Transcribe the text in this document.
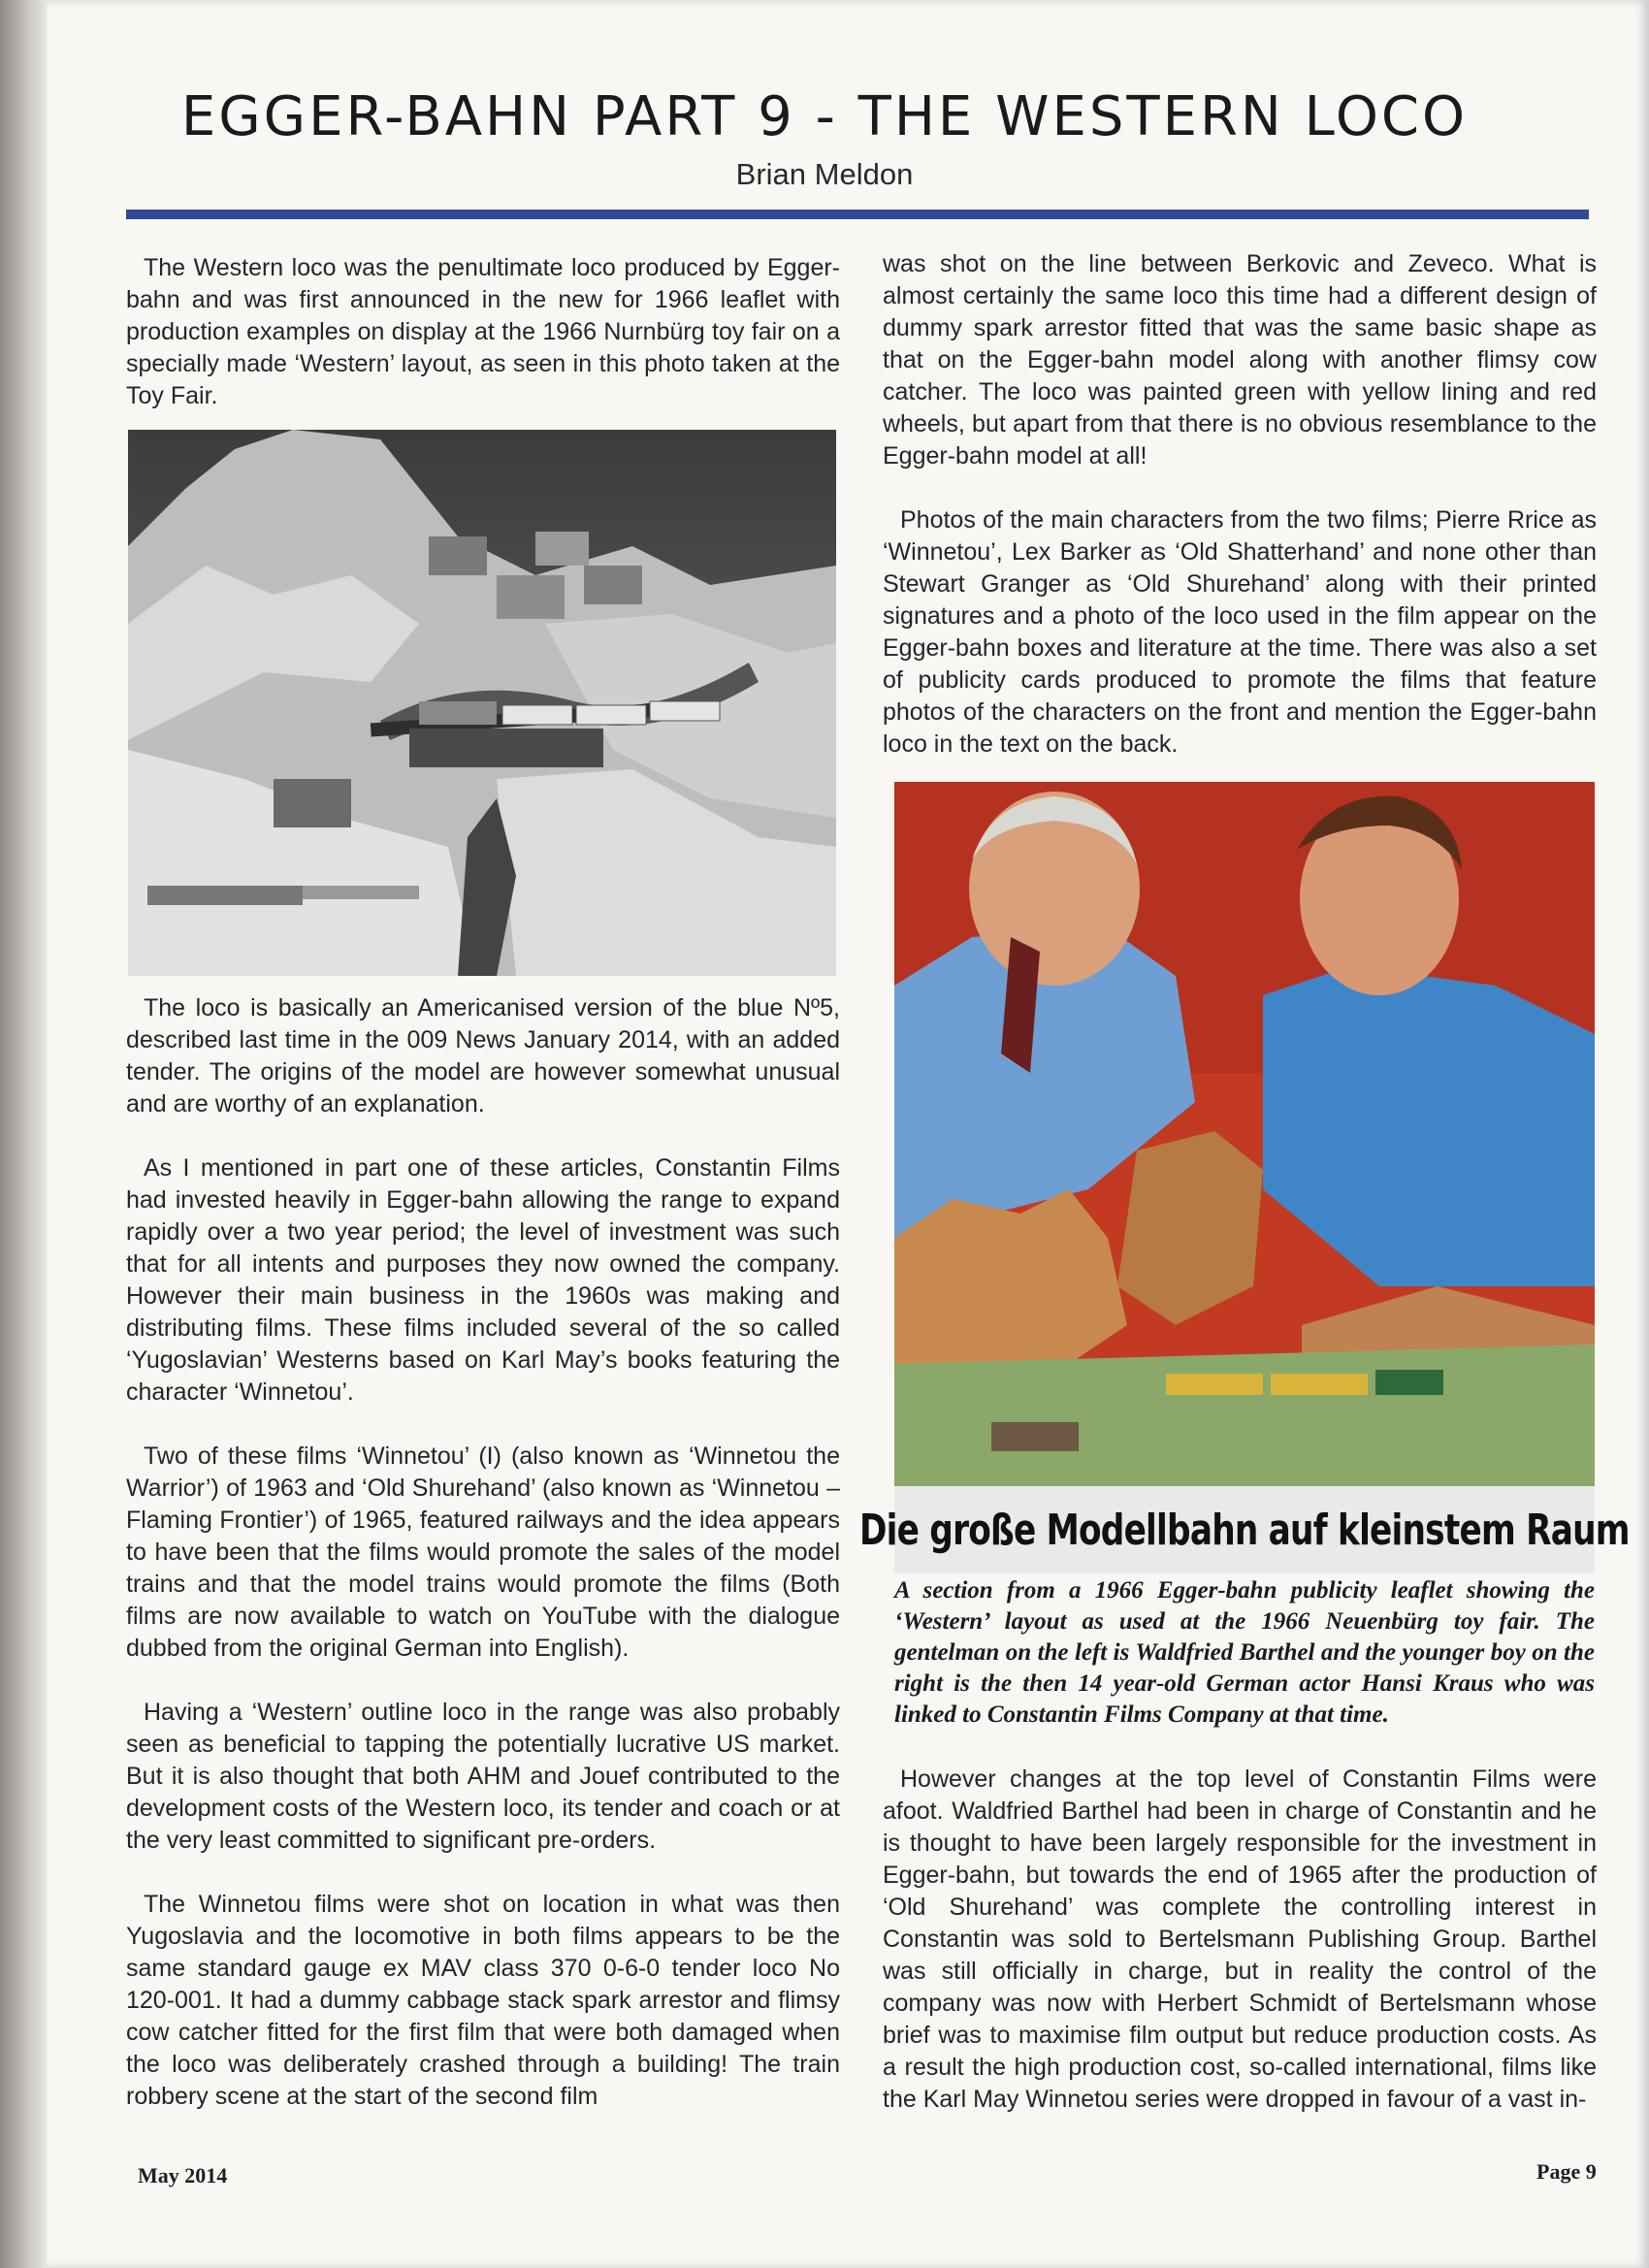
EGGER-BAHN PART 9 - THE WESTERN LOCO
Brian Meldon

The Western loco was the penultimate loco produced by Egger-bahn and was first announced in the new for 1966 leaflet with production examples on display at the 1966 Nurnbürg toy fair on a specially made ‘Western’ layout, as seen in this photo taken at the Toy Fair.

The loco is basically an Americanised version of the blue Nº5, described last time in the 009 News January 2014, with an added tender. The origins of the model are however somewhat unusual and are worthy of an explanation.

As I mentioned in part one of these articles, Constantin Films had invested heavily in Egger-bahn allowing the range to expand rapidly over a two year period; the level of investment was such that for all intents and purposes they now owned the company. However their main business in the 1960s was making and distributing films. These films included several of the so called ‘Yugoslavian’ Westerns based on Karl May’s books featuring the character ‘Winnetou’.

Two of these films ‘Winnetou’ (I) (also known as ‘Winnetou the Warrior’) of 1963 and ‘Old Shurehand’ (also known as ‘Winnetou – Flaming Frontier’) of 1965, featured railways and the idea appears to have been that the films would promote the sales of the model trains and that the model trains would promote the films (Both films are now available to watch on YouTube with the dialogue dubbed from the original German into English).

Having a ‘Western’ outline loco in the range was also probably seen as beneficial to tapping the potentially lucrative US market. But it is also thought that both AHM and Jouef contributed to the development costs of the Western loco, its tender and coach or at the very least committed to significant pre-orders.

The Winnetou films were shot on location in what was then Yugoslavia and the locomotive in both films appears to be the same standard gauge ex MAV class 370 0-6-0 tender loco No 120-001. It had a dummy cabbage stack spark arrestor and flimsy cow catcher fitted for the first film that were both damaged when the loco was deliberately crashed through a building! The train robbery scene at the start of the second film

was shot on the line between Berkovic and Zeveco. What is almost certainly the same loco this time had a different design of dummy spark arrestor fitted that was the same basic shape as that on the Egger-bahn model along with another flimsy cow catcher. The loco was painted green with yellow lining and red wheels, but apart from that there is no obvious resemblance to the Egger-bahn model at all!

Photos of the main characters from the two films; Pierre Rrice as ‘Winnetou’, Lex Barker as ‘Old Shatterhand’ and none other than Stewart Granger as ‘Old Shurehand’ along with their printed signatures and a photo of the loco used in the film appear on the Egger-bahn boxes and literature at the time. There was also a set of publicity cards produced to promote the films that feature photos of the characters on the front and mention the Egger-bahn loco in the text on the back.

Die große Modellbahn auf kleinstem Raum
A section from a 1966 Egger-bahn publicity leaflet showing the ‘Western’ layout as used at the 1966 Neuenbürg toy fair. The gentelman on the left is Waldfried Barthel and the younger boy on the right is the then 14 year-old German actor Hansi Kraus who was linked to Constantin Films Company at that time.

However changes at the top level of Constantin Films were afoot. Waldfried Barthel had been in charge of Constantin and he is thought to have been largely responsible for the investment in Egger-bahn, but towards the end of 1965 after the production of ‘Old Shurehand’ was complete the controlling interest in Constantin was sold to Bertelsmann Publishing Group. Barthel was still officially in charge, but in reality the control of the company was now with Herbert Schmidt of Bertelsmann whose brief was to maximise film output but reduce production costs. As a result the high production cost, so-called international, films like the Karl May Winnetou series were dropped in favour of a vast in-

May 2014	Page 9
